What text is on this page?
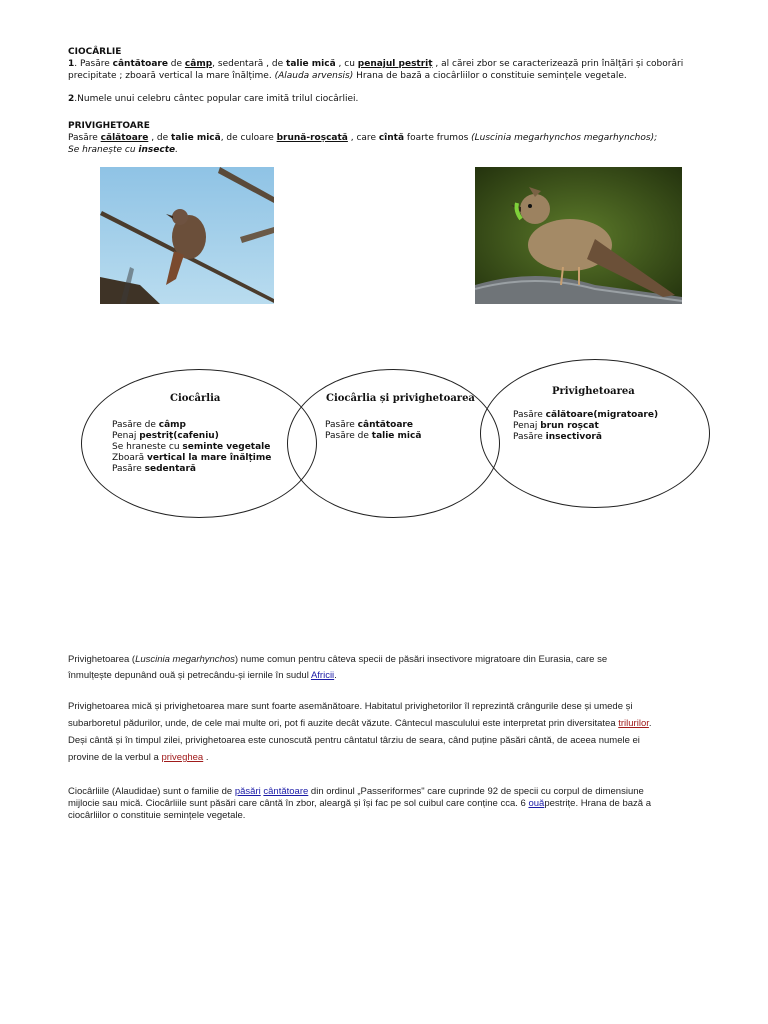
CIOCÂRLIE

1. Pasăre cântătoare de câmp, sedentară , de talie mică , cu penajul pestriț , al cărei zbor se caracterizează prin înălțări și coborâri

precipitate ; zboară vertical la mare înălțime. (Alauda arvensis) Hrana de bază a ciocârliilor o constituie semințele vegetale.

2.Numele unui celebru cântec popular care imită trilul ciocârliei.

PRIVIGHETOARE

Pasăre călătoare , de talie mică, de culoare brună-roșcată , care cîntă foarte frumos (Luscinia megarhynchos megarhynchos);

Se hranește cu insecte.

Ciocârlia
Pasăre de câmp
Penaj pestriț(cafeniu)
Se hraneste cu seminte vegetale
Zboară vertical la mare înălțime
Pasăre sedentară
Ciocârlia și privighetoarea
Pasăre cântătoare
Pasăre de talie mică
Privighetoarea
Pasăre călătoare(migratoare)
Penaj brun roșcat
Pasăre insectivoră

Privighetoarea (Luscinia megarhynchos) nume comun pentru câteva specii de păsări insectivore migratoare din Eurasia, care se

înmulțește depunând ouă și petrecându-și iernile în sudul Africii.

Privighetoarea mică și privighetoarea mare sunt foarte asemănătoare. Habitatul privighetorilor îl reprezintă crângurile dese și umede și

subarboretul pădurilor, unde, de cele mai multe ori, pot fi auzite decât văzute. Cântecul masculului este interpretat prin diversitatea trilurilor.

Deși cântă și în timpul zilei, privighetoarea este cunoscută pentru cântatul târziu de seara, când puține păsări cântă, de aceea numele ei

provine de la verbul a priveghea .

Ciocârliile (Alaudidae) sunt o familie de păsări cântătoare din ordinul „Passeriformes" care cuprinde 92 de specii cu corpul de dimensiune

mijlocie sau mică. Ciocârliile sunt păsări care cântă în zbor, aleargă și își fac pe sol cuibul care conține cca. 6 ouăpestrițe. Hrana de bază a

ciocârliilor o constituie semințele vegetale.
